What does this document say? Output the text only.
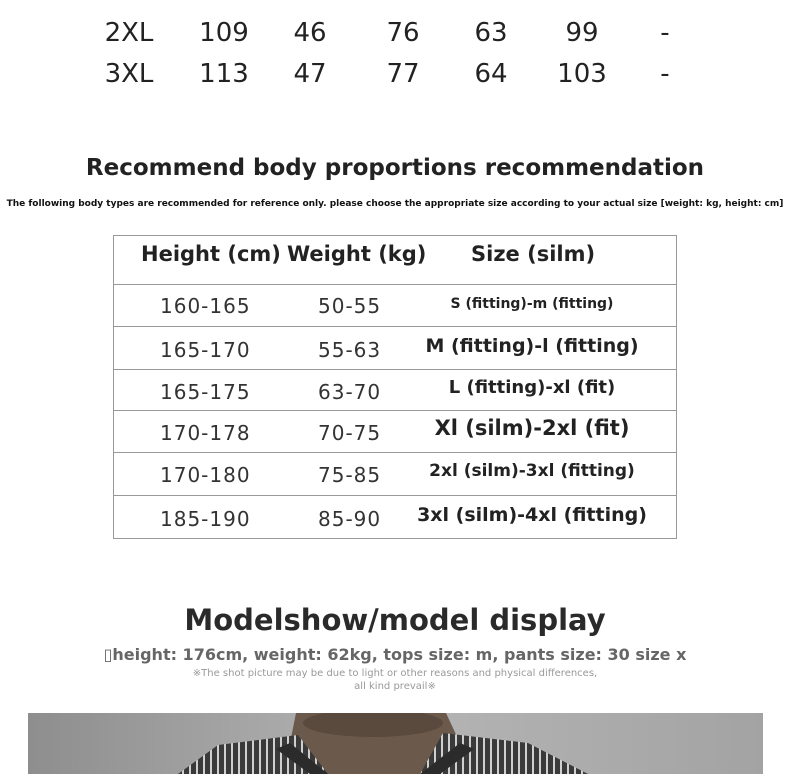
2XL	109	46	76	63	99	-
3XL	113	47	77	64	103	-
Recommend body proportions recommendation
The following body types are recommended for reference only. please choose the appropriate size according to your actual size [weight: kg, height: cm]
Height (cm) Weight (kg) Size (silm)
160-165	50-55	S (fitting)-m (fitting)
165-170	55-63	M (fitting)-l (fitting)
165-175	63-70	L (fitting)-xl (fit)
170-178	70-75	Xl (silm)-2xl (fit)
170-180	75-85	2xl (silm)-3xl (fitting)
185-190	85-90	3xl (silm)-4xl (fitting)
Modelshow/model display
▯height: 176cm, weight: 62kg, tops size: m, pants size: 30 size x
※The shot picture may be due to light or other reasons and physical differences,
all kind prevail※
